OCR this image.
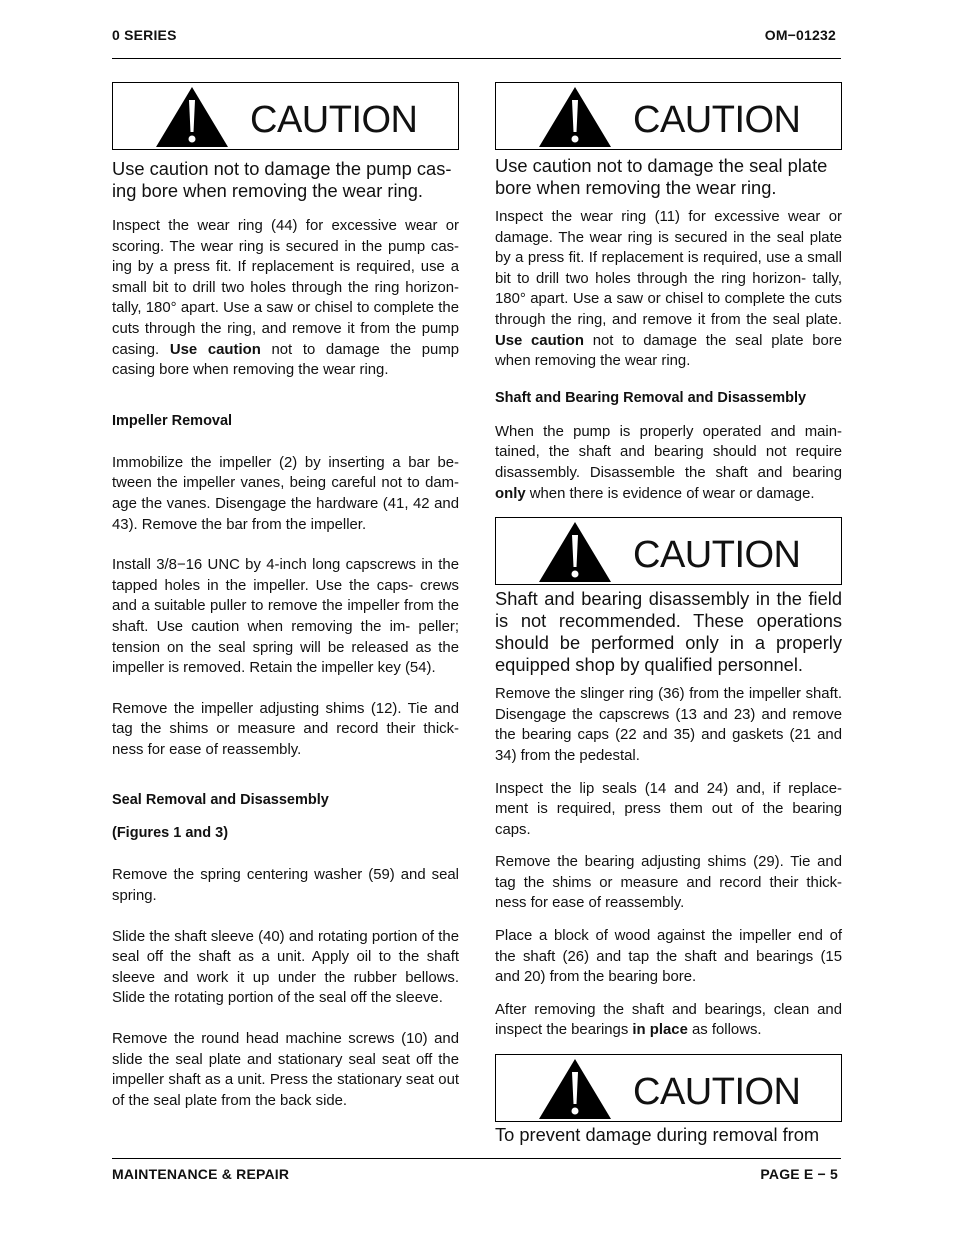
0 SERIES	OM−01232
CAUTION
Use caution not to damage the pump cas- ing bore when removing the wear ring.

Inspect the wear ring (44) for excessive wear or scoring. The wear ring is secured in the pump cas- ing by a press fit. If replacement is required, use a small bit to drill two holes through the ring horizon- tally, 180° apart. Use a saw or chisel to complete the cuts through the ring, and remove it from the pump casing. Use caution not to damage the pump casing bore when removing the wear ring.

Impeller Removal

Immobilize the impeller (2) by inserting a bar be- tween the impeller vanes, being careful not to dam- age the vanes. Disengage the hardware (41, 42 and 43). Remove the bar from the impeller.

Install 3/8−16 UNC by 4-inch long capscrews in the tapped holes in the impeller. Use the caps- crews and a suitable puller to remove the impeller from the shaft. Use caution when removing the im- peller; tension on the seal spring will be released as the impeller is removed. Retain the impeller key (54).

Remove the impeller adjusting shims (12). Tie and tag the shims or measure and record their thick- ness for ease of reassembly.

Seal Removal and Disassembly

(Figures 1 and 3)

Remove the spring centering washer (59) and seal spring.

Slide the shaft sleeve (40) and rotating portion of the seal off the shaft as a unit. Apply oil to the shaft sleeve and work it up under the rubber bellows. Slide the rotating portion of the seal off the sleeve.

Remove the round head machine screws (10) and slide the seal plate and stationary seal seat off the impeller shaft as a unit. Press the stationary seat out of the seal plate from the back side.

CAUTION
Use caution not to damage the seal plate bore when removing the wear ring.

Inspect the wear ring (11) for excessive wear or damage. The wear ring is secured in the seal plate by a press fit. If replacement is required, use a small bit to drill two holes through the ring horizon- tally, 180° apart. Use a saw or chisel to complete the cuts through the ring, and remove it from the seal plate. Use caution not to damage the seal plate bore when removing the wear ring.

Shaft and Bearing Removal and Disassembly

When the pump is properly operated and main- tained, the shaft and bearing should not require disassembly. Disassemble the shaft and bearing only when there is evidence of wear or damage.

CAUTION
Shaft and bearing disassembly in the field is not recommended. These operations should be performed only in a properly equipped shop by qualified personnel.

Remove the slinger ring (36) from the impeller shaft. Disengage the capscrews (13 and 23) and remove the bearing caps (22 and 35) and gaskets (21 and 34) from the pedestal.

Inspect the lip seals (14 and 24) and, if replace- ment is required, press them out of the bearing caps.

Remove the bearing adjusting shims (29). Tie and tag the shims or measure and record their thick- ness for ease of reassembly.

Place a block of wood against the impeller end of the shaft (26) and tap the shaft and bearings (15 and 20) from the bearing bore.

After removing the shaft and bearings, clean and inspect the bearings in place as follows.

CAUTION
To prevent damage during removal from
MAINTENANCE & REPAIR	PAGE E − 5
